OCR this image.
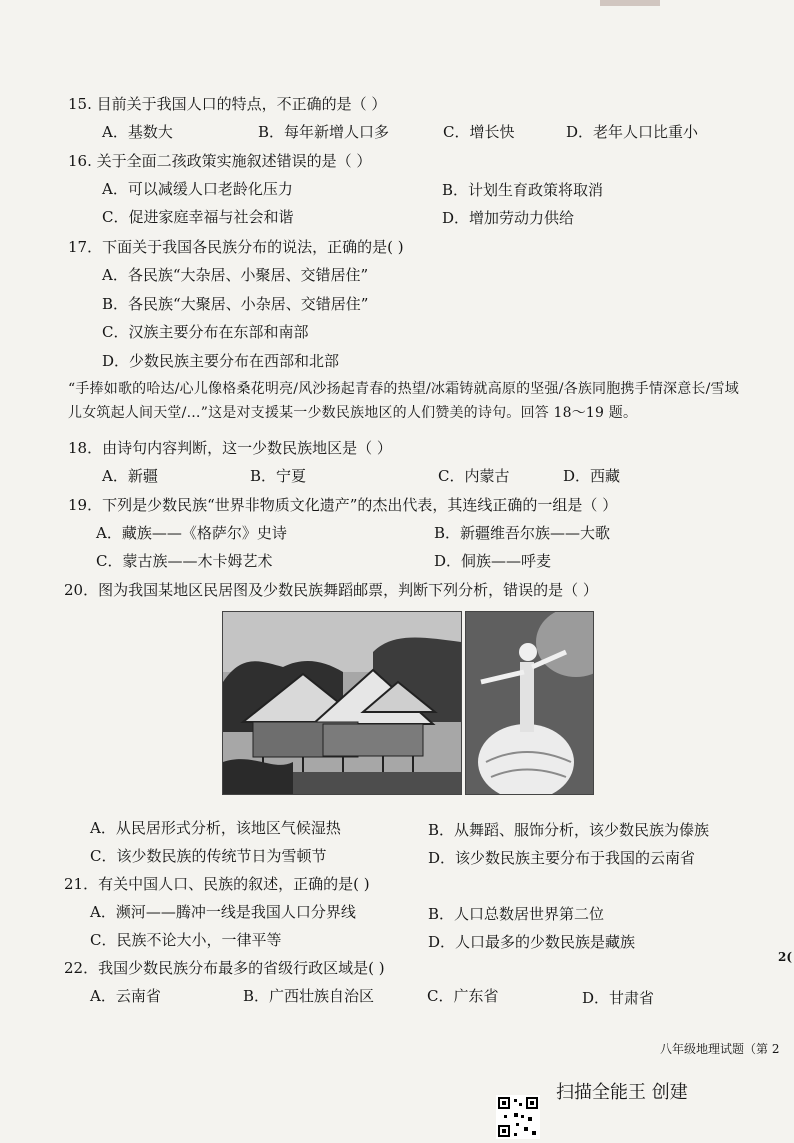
15. 目前关于我国人口的特点，不正确的是（ ）
A．基数大	B．每年新增人口多	C．增长快	D．老年人口比重小
16. 关于全面二孩政策实施叙述错误的是（ ）
A．可以减缓人口老龄化压力	B．计划生育政策将取消
C．促进家庭幸福与社会和谐	D．增加劳动力供给
17．下面关于我国各民族分布的说法，正确的是( )
A．各民族“大杂居、小聚居、交错居住”
B．各民族“大聚居、小杂居、交错居住”
C．汉族主要分布在东部和南部
D．少数民族主要分布在西部和北部
“手捧如歌的哈达/心儿像格桑花明亮/风沙扬起青春的热望/冰霜铸就高原的坚强/各族同胞携手情深意长/雪域儿女筑起人间天堂/…”这是对支援某一少数民族地区的人们赞美的诗句。回答 18～19 题。
18．由诗句内容判断，这一少数民族地区是（ ）
A．新疆	B．宁夏	C．内蒙古	D．西藏
19．下列是少数民族“世界非物质文化遗产”的杰出代表，其连线正确的一组是（ ）
A．藏族——《格萨尔》史诗	B．新疆维吾尔族——大歌
C．蒙古族——木卡姆艺术	D．侗族——呼麦
20．图为我国某地区民居图及少数民族舞蹈邮票，判断下列分析，错误的是（ ）
A．从民居形式分析，该地区气候湿热	B．从舞蹈、服饰分析，该少数民族为傣族
C．该少数民族的传统节日为雪顿节	D．该少数民族主要分布于我国的云南省
21．有关中国人口、民族的叙述，正确的是( )
A．濒河——腾冲一线是我国人口分界线	B．人口总数居世界第二位
C．民族不论大小，一律平等	D．人口最多的少数民族是藏族
22．我国少数民族分布最多的省级行政区域是( )
A．云南省	B．广西壮族自治区	C．广东省	D．甘肃省
2(
八年级地理试题（第 2
扫描全能王 创建
